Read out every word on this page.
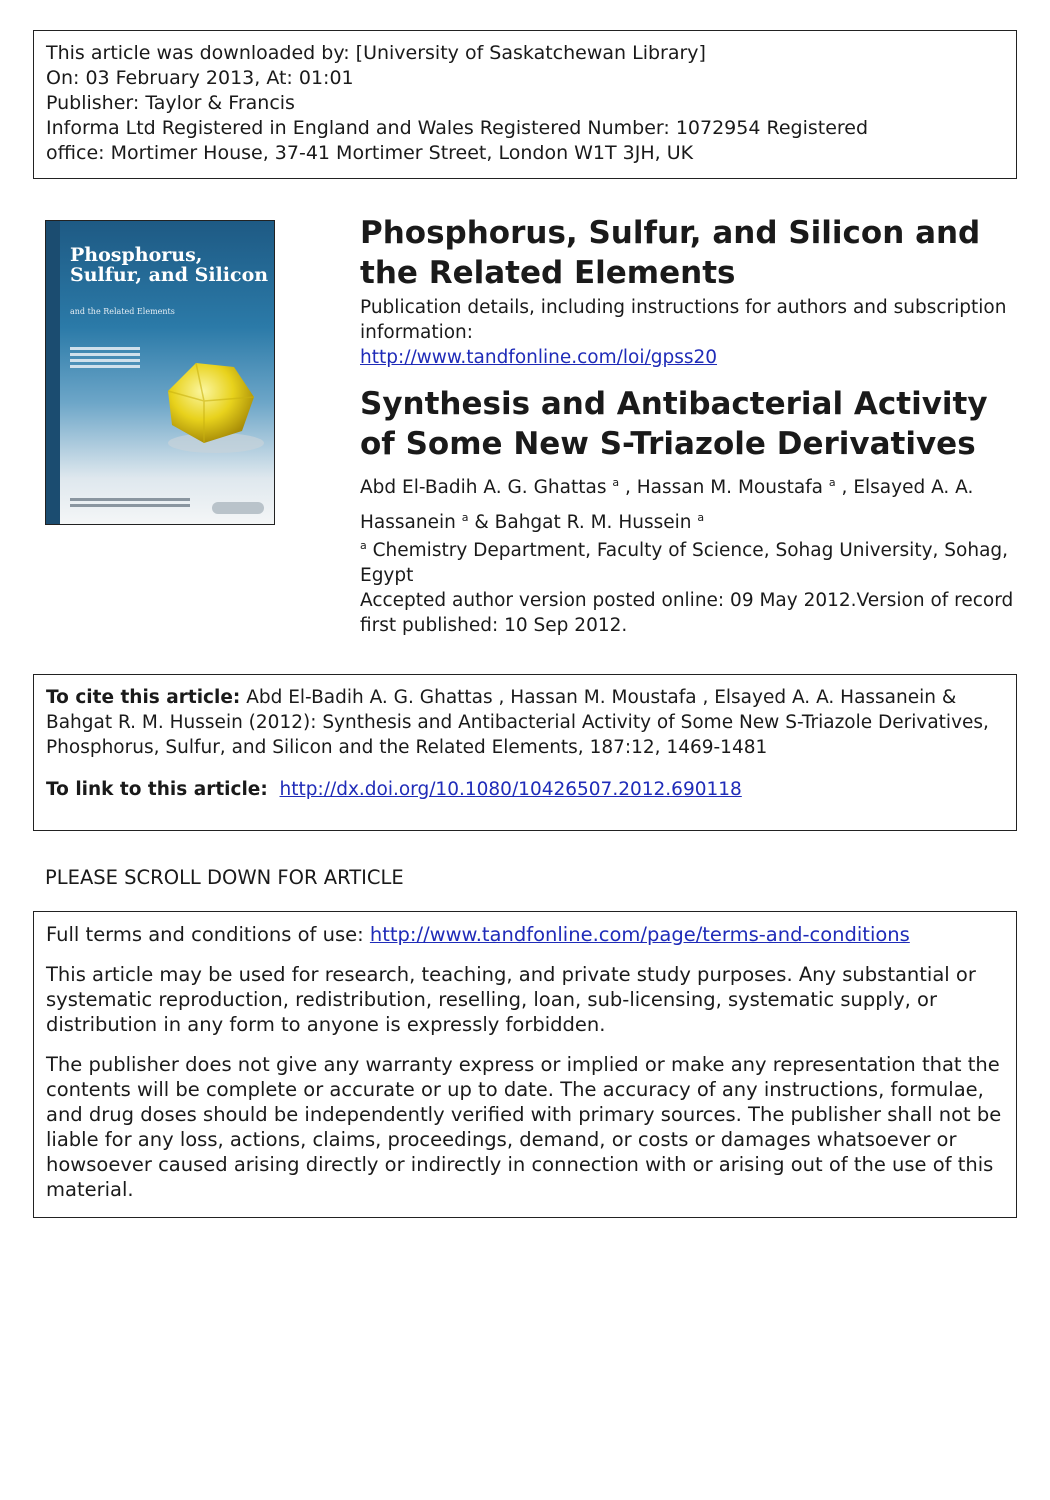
This article was downloaded by: [University of Saskatchewan Library]
On: 03 February 2013, At: 01:01
Publisher: Taylor & Francis
Informa Ltd Registered in England and Wales Registered Number: 1072954 Registered
office: Mortimer House, 37-41 Mortimer Street, London W1T 3JH, UK
Phosphorus, Sulfur, and Silicon
and the Related Elements
Phosphorus, Sulfur, and Silicon and the Related Elements
Publication details, including instructions for authors and subscription information:
http://www.tandfonline.com/loi/gpss20
Synthesis and Antibacterial Activity of Some New S-Triazole Derivatives
Abd El-Badih A. G. Ghattas $^a$ , Hassan M. Moustafa $^a$ , Elsayed A. A. Hassanein $^a$ & Bahgat R. M. Hussein $^a$
$^a$ Chemistry Department, Faculty of Science, Sohag University, Sohag, Egypt
Accepted author version posted online: 09 May 2012.Version of record first published: 10 Sep 2012.
To cite this article: Abd El-Badih A. G. Ghattas , Hassan M. Moustafa , Elsayed A. A. Hassanein & Bahgat R. M. Hussein (2012): Synthesis and Antibacterial Activity of Some New S-Triazole Derivatives, Phosphorus, Sulfur, and Silicon and the Related Elements, 187:12, 1469-1481
To link to this article: http://dx.doi.org/10.1080/10426507.2012.690118
PLEASE SCROLL DOWN FOR ARTICLE

Full terms and conditions of use: http://www.tandfonline.com/page/terms-and-conditions

This article may be used for research, teaching, and private study purposes. Any substantial or systematic reproduction, redistribution, reselling, loan, sub-licensing, systematic supply, or distribution in any form to anyone is expressly forbidden.

The publisher does not give any warranty express or implied or make any representation that the contents will be complete or accurate or up to date. The accuracy of any instructions, formulae, and drug doses should be independently verified with primary sources. The publisher shall not be liable for any loss, actions, claims, proceedings, demand, or costs or damages whatsoever or howsoever caused arising directly or indirectly in connection with or arising out of the use of this material.
